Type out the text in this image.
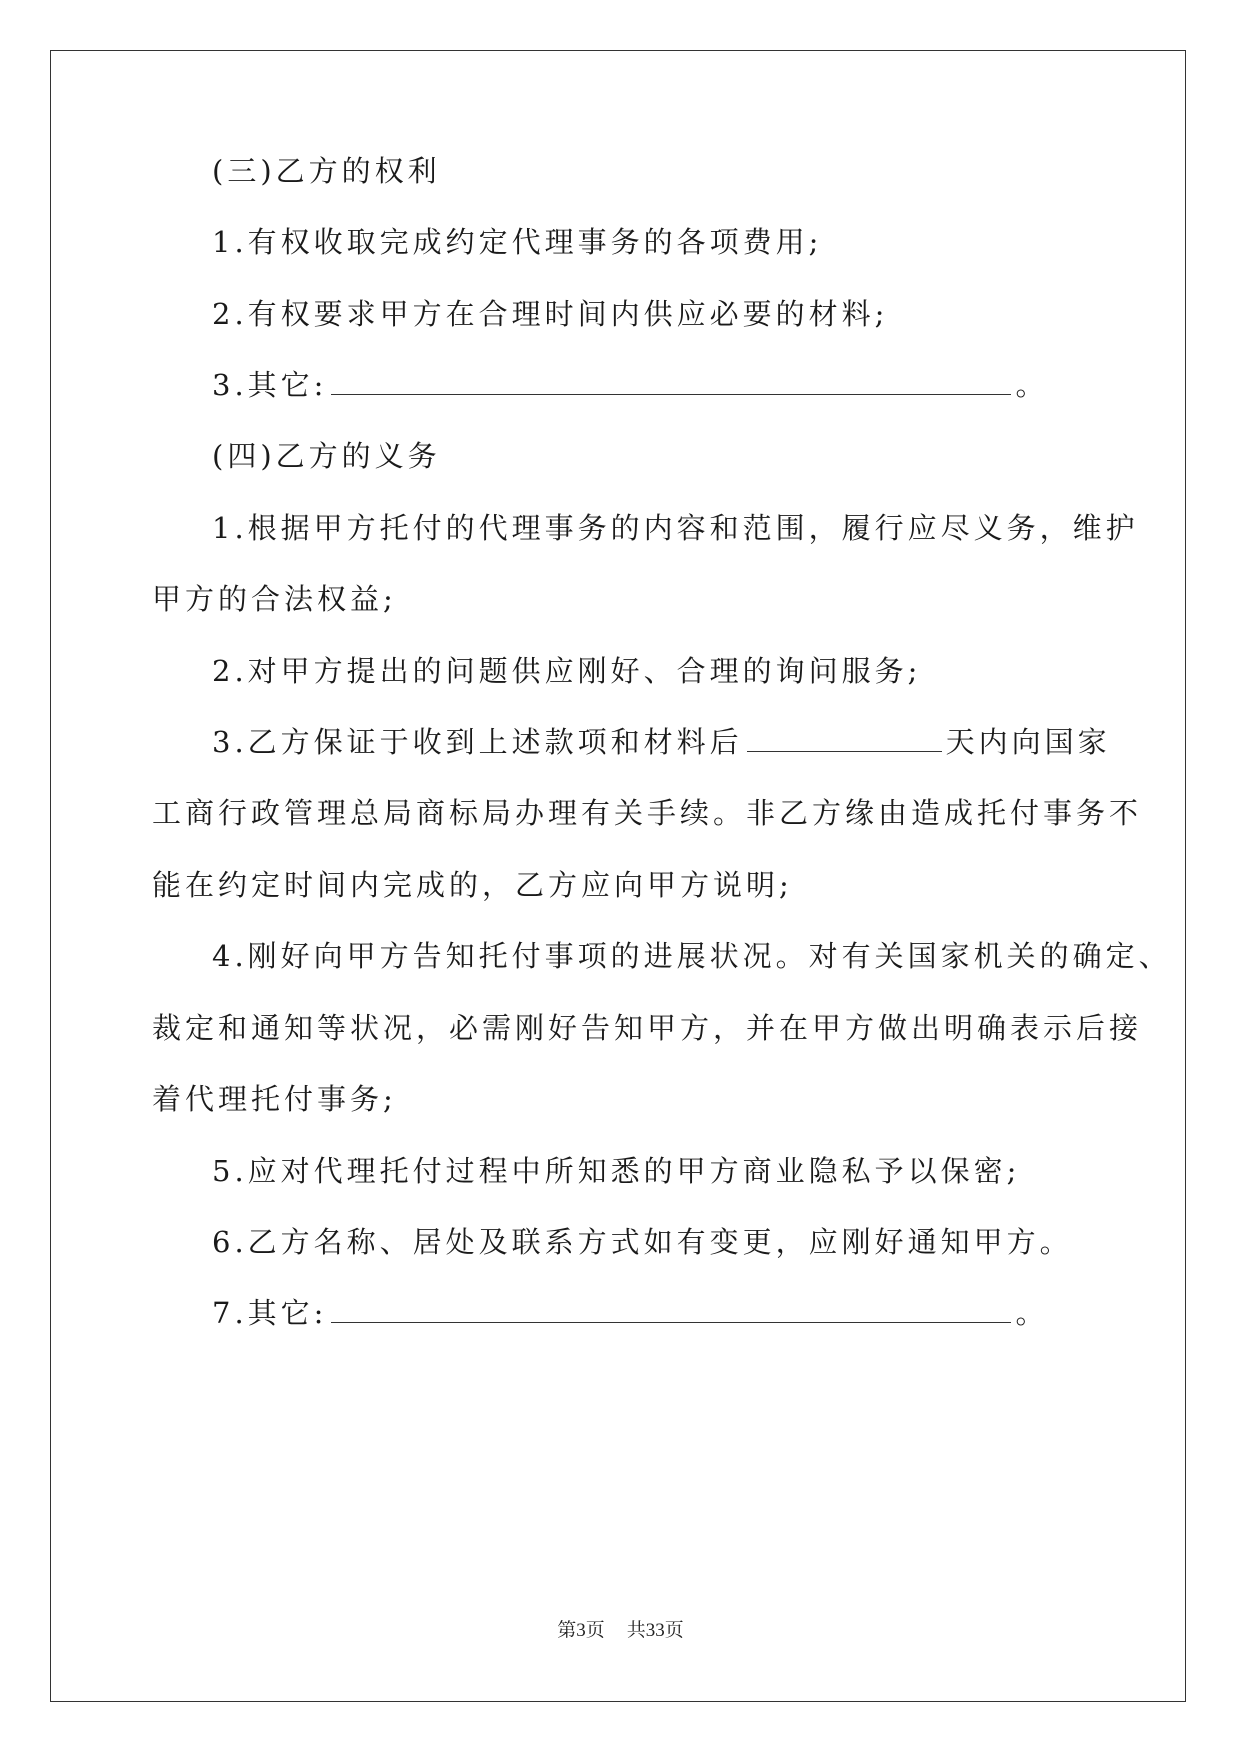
(三)乙方的权利
1.有权收取完成约定代理事务的各项费用;
2.有权要求甲方在合理时间内供应必要的材料;
3.其它:	。
(四)乙方的义务
1.根据甲方托付的代理事务的内容和范围，履行应尽义务，维护
甲方的合法权益;
2.对甲方提出的问题供应刚好、合理的询问服务;
3.乙方保证于收到上述款项和材料后	天内向国家
工商行政管理总局商标局办理有关手续。非乙方缘由造成托付事务不
能在约定时间内完成的，乙方应向甲方说明;
4.刚好向甲方告知托付事项的进展状况。对有关国家机关的确定、
裁定和通知等状况，必需刚好告知甲方，并在甲方做出明确表示后接
着代理托付事务;
5.应对代理托付过程中所知悉的甲方商业隐私予以保密;
6.乙方名称、居处及联系方式如有变更，应刚好通知甲方。
7.其它:	。
第3页 共33页
